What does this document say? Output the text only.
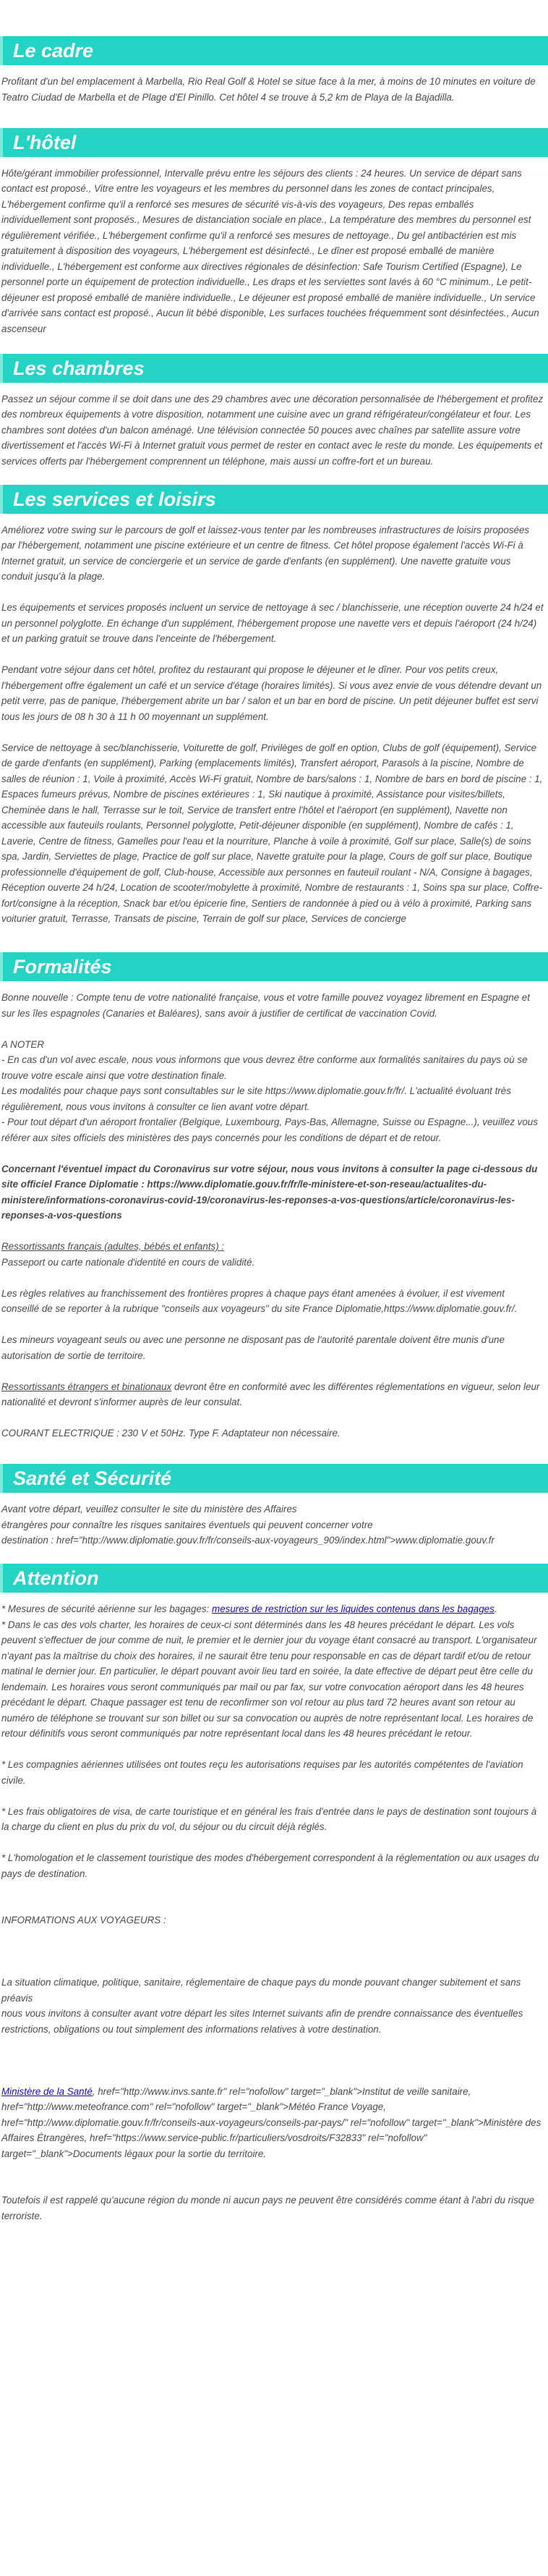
Le cadre

Profitant d'un bel emplacement à Marbella, Rio Real Golf & Hotel se situe face à la mer, à moins de 10 minutes en voiture de Teatro Ciudad de Marbella et de Plage d'El Pinillo. Cet hôtel 4 se trouve à 5,2 km de Playa de la Bajadilla.

L'hôtel

Hôte/gérant immobilier professionnel, Intervalle prévu entre les séjours des clients : 24 heures. Un service de départ sans contact est proposé., Vitre entre les voyageurs et les membres du personnel dans les zones de contact principales, L'hébergement confirme qu'il a renforcé ses mesures de sécurité vis-à-vis des voyageurs, Des repas emballés individuellement sont proposés., Mesures de distanciation sociale en place., La température des membres du personnel est régulièrement vérifiée., L'hébergement confirme qu'il a renforcé ses mesures de nettoyage., Du gel antibactérien est mis gratuitement à disposition des voyageurs, L'hébergement est désinfecté., Le dîner est proposé emballé de manière individuelle., L'hébergement est conforme aux directives régionales de désinfection: Safe Tourism Certified (Espagne), Le personnel porte un équipement de protection individuelle., Les draps et les serviettes sont lavés à 60 °C minimum., Le petit-déjeuner est proposé emballé de manière individuelle., Le déjeuner est proposé emballé de manière individuelle., Un service d'arrivée sans contact est proposé., Aucun lit bébé disponible, Les surfaces touchées fréquemment sont désinfectées., Aucun ascenseur

Les chambres

Passez un séjour comme il se doit dans une des 29 chambres avec une décoration personnalisée de l'hébergement et profitez des nombreux équipements à votre disposition, notamment une cuisine avec un grand réfrigérateur/congélateur et four. Les chambres sont dotées d'un balcon aménagé. Une télévision connectée 50 pouces avec chaînes par satellite assure votre divertissement et l'accès Wi-Fi à Internet gratuit vous permet de rester en contact avec le reste du monde. Les équipements et services offerts par l'hébergement comprennent un téléphone, mais aussi un coffre-fort et un bureau.

Les services et loisirs

Améliorez votre swing sur le parcours de golf et laissez-vous tenter par les nombreuses infrastructures de loisirs proposées par l'hébergement, notamment une piscine extérieure et un centre de fitness. Cet hôtel propose également l'accès Wi-Fi à Internet gratuit, un service de conciergerie et un service de garde d'enfants (en supplément). Une navette gratuite vous conduit jusqu'à la plage.

Les équipements et services proposés incluent un service de nettoyage à sec / blanchisserie, une réception ouverte 24 h/24 et un personnel polyglotte. En échange d'un supplément, l'hébergement propose une navette vers et depuis l'aéroport (24 h/24) et un parking gratuit se trouve dans l'enceinte de l'hébergement.

Pendant votre séjour dans cet hôtel, profitez du restaurant qui propose le déjeuner et le dîner. Pour vos petits creux, l'hébergement offre également un café et un service d'étage (horaires limités). Si vous avez envie de vous détendre devant un petit verre, pas de panique, l'hébergement abrite un bar / salon et un bar en bord de piscine. Un petit déjeuner buffet est servi tous les jours de 08 h 30 à 11 h 00 moyennant un supplément.

Service de nettoyage à sec/blanchisserie, Voiturette de golf, Privilèges de golf en option, Clubs de golf (équipement), Service de garde d'enfants (en supplément), Parking (emplacements limités), Transfert aéroport, Parasols à la piscine, Nombre de salles de réunion : 1, Voile à proximité, Accès Wi-Fi gratuit, Nombre de bars/salons : 1, Nombre de bars en bord de piscine : 1, Espaces fumeurs prévus, Nombre de piscines extérieures : 1, Ski nautique à proximité, Assistance pour visites/billets, Cheminée dans le hall, Terrasse sur le toit, Service de transfert entre l'hôtel et l'aéroport (en supplément), Navette non accessible aux fauteuils roulants, Personnel polyglotte, Petit-déjeuner disponible (en supplément), Nombre de cafés : 1, Laverie, Centre de fitness, Gamelles pour l'eau et la nourriture, Planche à voile à proximité, Golf sur place, Salle(s) de soins spa, Jardin, Serviettes de plage, Practice de golf sur place, Navette gratuite pour la plage, Cours de golf sur place, Boutique professionnelle d'équipement de golf, Club-house, Accessible aux personnes en fauteuil roulant - N/A, Consigne à bagages, Réception ouverte 24 h/24, Location de scooter/mobylette à proximité, Nombre de restaurants : 1, Soins spa sur place, Coffre-fort/consigne à la réception, Snack bar et/ou épicerie fine, Sentiers de randonnée à pied ou à vélo à proximité, Parking sans voiturier gratuit, Terrasse, Transats de piscine, Terrain de golf sur place, Services de concierge

Formalités

Bonne nouvelle : Compte tenu de votre nationalité française, vous et votre famille pouvez voyagez librement en Espagne et sur les îles espagnoles (Canaries et Baléares), sans avoir à justifier de certificat de vaccination Covid.

A NOTER

- En cas d'un vol avec escale, nous vous informons que vous devrez être conforme aux formalités sanitaires du pays où se trouve votre escale ainsi que votre destination finale.

Les modalités pour chaque pays sont consultables sur le site https://www.diplomatie.gouv.fr/fr/. L'actualité évoluant très régulièrement, nous vous invitons à consulter ce lien avant votre départ.

- Pour tout départ d'un aéroport frontalier (Belgique, Luxembourg, Pays-Bas, Allemagne, Suisse ou Espagne...), veuillez vous référer aux sites officiels des ministères des pays concernés pour les conditions de départ et de retour.

Concernant l'éventuel impact du Coronavirus sur votre séjour, nous vous invitons à consulter la page ci-dessous du site officiel France Diplomatie : https://www.diplomatie.gouv.fr/fr/le-ministere-et-son-reseau/actualites-du-ministere/informations-coronavirus-covid-19/coronavirus-les-reponses-a-vos-questions/article/coronavirus-les-reponses-a-vos-questions

Ressortissants français (adultes, bébés et enfants) :

Passeport ou carte nationale d'identité en cours de validité.

Les règles relatives au franchissement des frontières propres à chaque pays étant amenées à évoluer, il est vivement conseillé de se reporter à la rubrique "conseils aux voyageurs" du site France Diplomatie,https://www.diplomatie.gouv.fr/.

Les mineurs voyageant seuls ou avec une personne ne disposant pas de l'autorité parentale doivent être munis d'une autorisation de sortie de territoire.

Ressortissants étrangers et binationaux devront être en conformité avec les différentes réglementations en vigueur, selon leur nationalité et devront s'informer auprès de leur consulat.

COURANT ELECTRIQUE : 230 V et 50Hz. Type F. Adaptateur non nécessaire.

Santé et Sécurité

Avant votre départ, veuillez consulter le site du ministère des Affaires
étrangères pour connaître les risques sanitaires éventuels qui peuvent concerner votre
destination : href="http://www.diplomatie.gouv.fr/fr/conseils-aux-voyageurs_909/index.html">www.diplomatie.gouv.fr

Attention

* Mesures de sécurité aérienne sur les bagages: mesures de restriction sur les liquides contenus dans les bagages.

* Dans le cas des vols charter, les horaires de ceux-ci sont déterminés dans les 48 heures précédant le départ. Les vols peuvent s'effectuer de jour comme de nuit, le premier et le dernier jour du voyage étant consacré au transport. L'organisateur n'ayant pas la maîtrise du choix des horaires, il ne saurait être tenu pour responsable en cas de départ tardif et/ou de retour matinal le dernier jour. En particulier, le départ pouvant avoir lieu tard en soirée, la date effective de départ peut être celle du lendemain. Les horaires vous seront communiqués par mail ou par fax, sur votre convocation aéroport dans les 48 heures précédant le départ. Chaque passager est tenu de reconfirmer son vol retour au plus tard 72 heures avant son retour au numéro de téléphone se trouvant sur son billet ou sur sa convocation ou auprès de notre représentant local. Les horaires de retour définitifs vous seront communiqués par notre représentant local dans les 48 heures précédant le retour.

* Les compagnies aériennes utilisées ont toutes reçu les autorisations requises par les autorités compétentes de l'aviation civile.

* Les frais obligatoires de visa, de carte touristique et en général les frais d'entrée dans le pays de destination sont toujours à la charge du client en plus du prix du vol, du séjour ou du circuit déjà réglés.

* L'homologation et le classement touristique des modes d'hébergement correspondent à la réglementation ou aux usages du pays de destination.

INFORMATIONS AUX VOYAGEURS :

La situation climatique, politique, sanitaire, réglementaire de chaque pays du monde pouvant changer subitement et sans préavis

nous vous invitons à consulter avant votre départ les sites Internet suivants afin de prendre connaissance des éventuelles restrictions, obligations ou tout simplement des informations relatives à votre destination.

Ministère de la Santé, href="http://www.invs.sante.fr" rel="nofollow" target="_blank">Institut de veille sanitaire, href="http://www.meteofrance.com" rel="nofollow" target="_blank">Météo France Voyage, href="http://www.diplomatie.gouv.fr/fr/conseils-aux-voyageurs/conseils-par-pays/" rel="nofollow" target="_blank">Ministère des Affaires Étrangères, href="https://www.service-public.fr/particuliers/vosdroits/F32833" rel="nofollow" target="_blank">Documents légaux pour la sortie du territoire.

Toutefois il est rappelé qu'aucune région du monde ni aucun pays ne peuvent être considérés comme étant à l'abri du risque terroriste.
